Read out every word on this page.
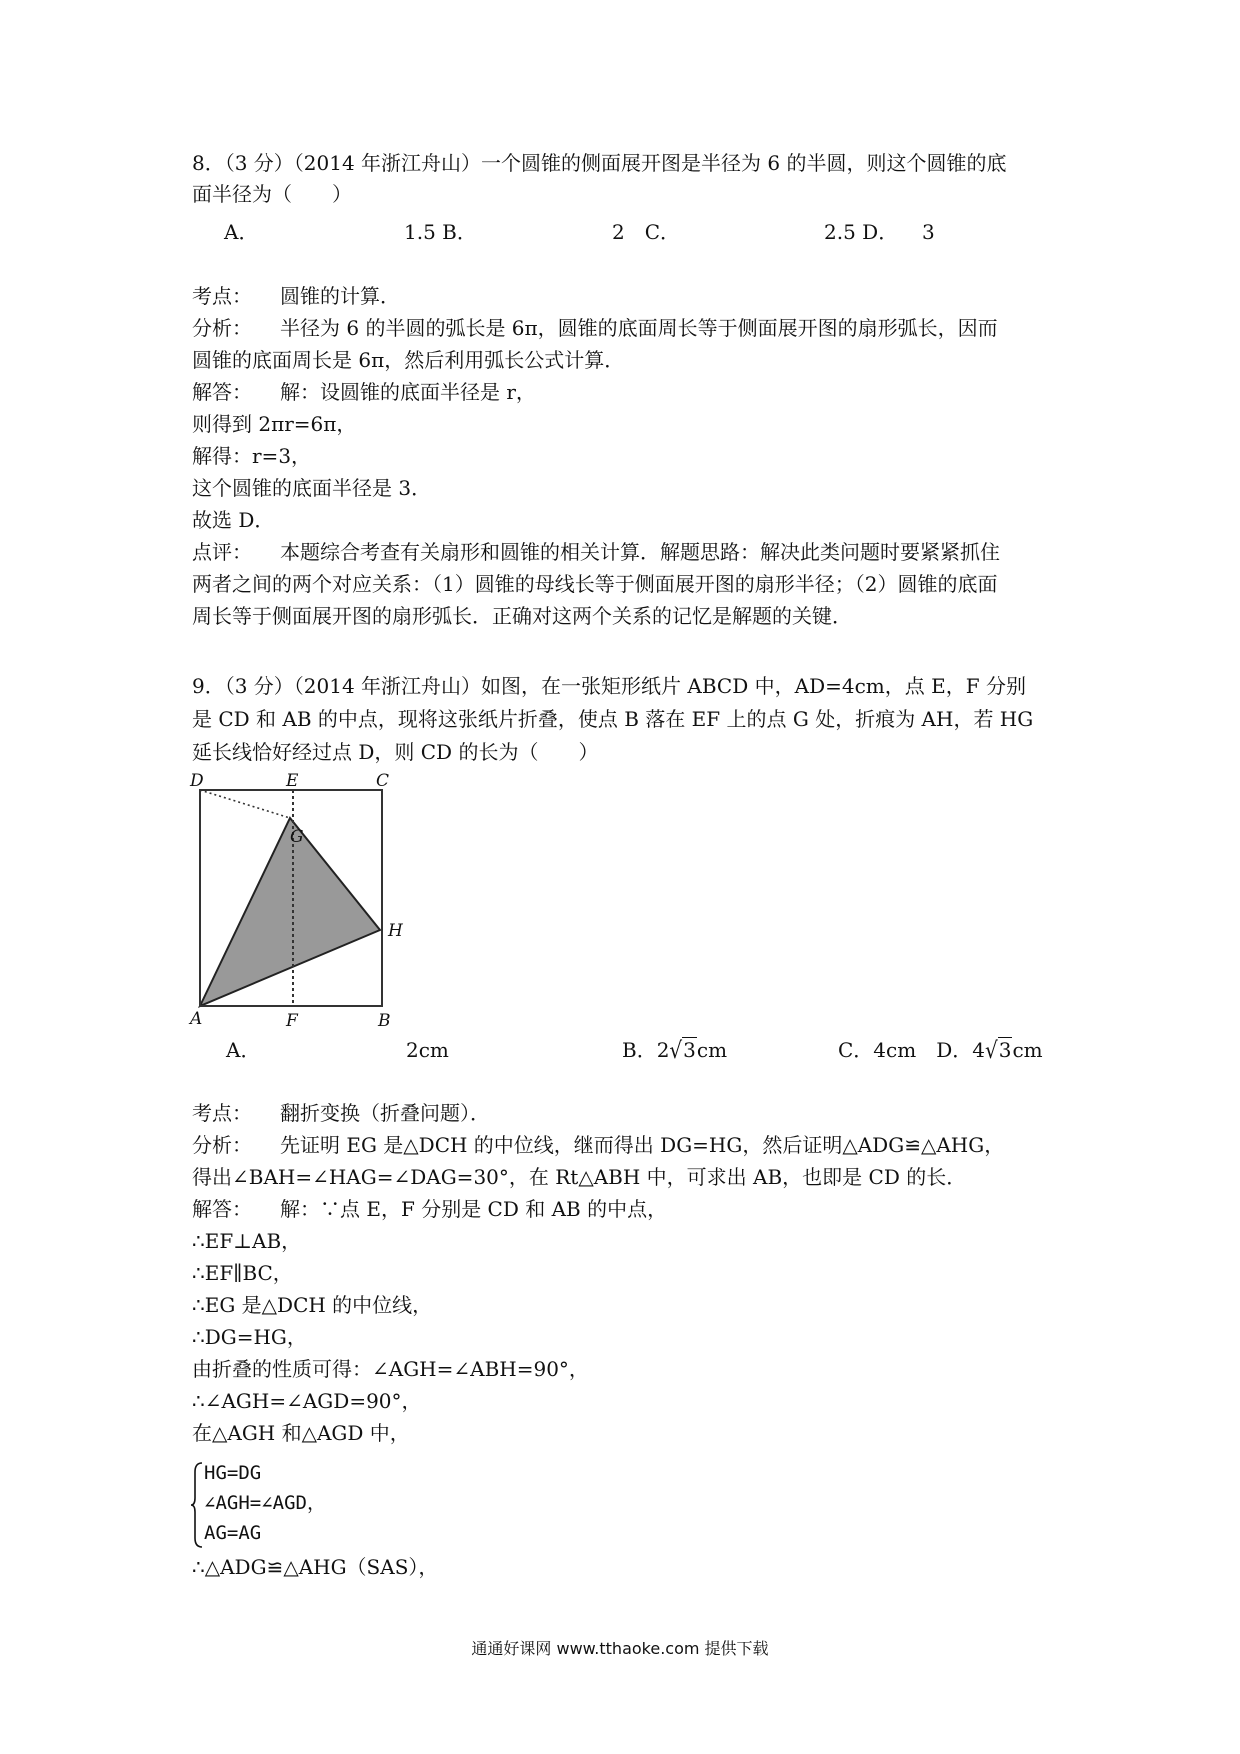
8．（3 分）（2014 年浙江舟山）一个圆锥的侧面展开图是半径为 6 的半圆，则这个圆锥的底
面半径为（　　）
A．	1.5 B．	2　C．	2.5 D． 3
考点： 圆锥的计算．
分析： 半径为 6 的半圆的弧长是 6π，圆锥的底面周长等于侧面展开图的扇形弧长，因而
圆锥的底面周长是 6π，然后利用弧长公式计算．
解答： 解：设圆锥的底面半径是 r，
则得到 2πr=6π，
解得：r=3，
这个圆锥的底面半径是 3．
故选 D．
点评： 本题综合考查有关扇形和圆锥的相关计算．解题思路：解决此类问题时要紧紧抓住
两者之间的两个对应关系：（1）圆锥的母线长等于侧面展开图的扇形半径；（2）圆锥的底面
周长等于侧面展开图的扇形弧长．正确对这两个关系的记忆是解题的关键．
9．（3 分）（2014 年浙江舟山）如图，在一张矩形纸片 ABCD 中，AD=4cm，点 E，F 分别
是 CD 和 AB 的中点，现将这张纸片折叠，使点 B 落在 EF 上的点 G 处，折痕为 AH，若 HG
延长线恰好经过点 D，则 CD 的长为（　　）
D	E	C
G
H
A	F	B
A．	2cm	B．2√3cm	C．4cm　D．4√3cm
考点： 翻折变换（折叠问题）．
分析： 先证明 EG 是△DCH 的中位线，继而得出 DG=HG，然后证明△ADG≌△AHG，
得出∠BAH=∠HAG=∠DAG=30°，在 Rt△ABH 中，可求出 AB，也即是 CD 的长．
解答： 解：∵点 E，F 分别是 CD 和 AB 的中点，
∴EF⊥AB，
∴EF∥BC，
∴EG 是△DCH 的中位线，
∴DG=HG，
由折叠的性质可得：∠AGH=∠ABH=90°，
∴∠AGH=∠AGD=90°，
在△AGH 和△AGD 中，
HG=DG
∠AGH=∠AGD，
AG=AG
∴△ADG≌△AHG（SAS），
通通好课网 www.tthaoke.com 提供下载
